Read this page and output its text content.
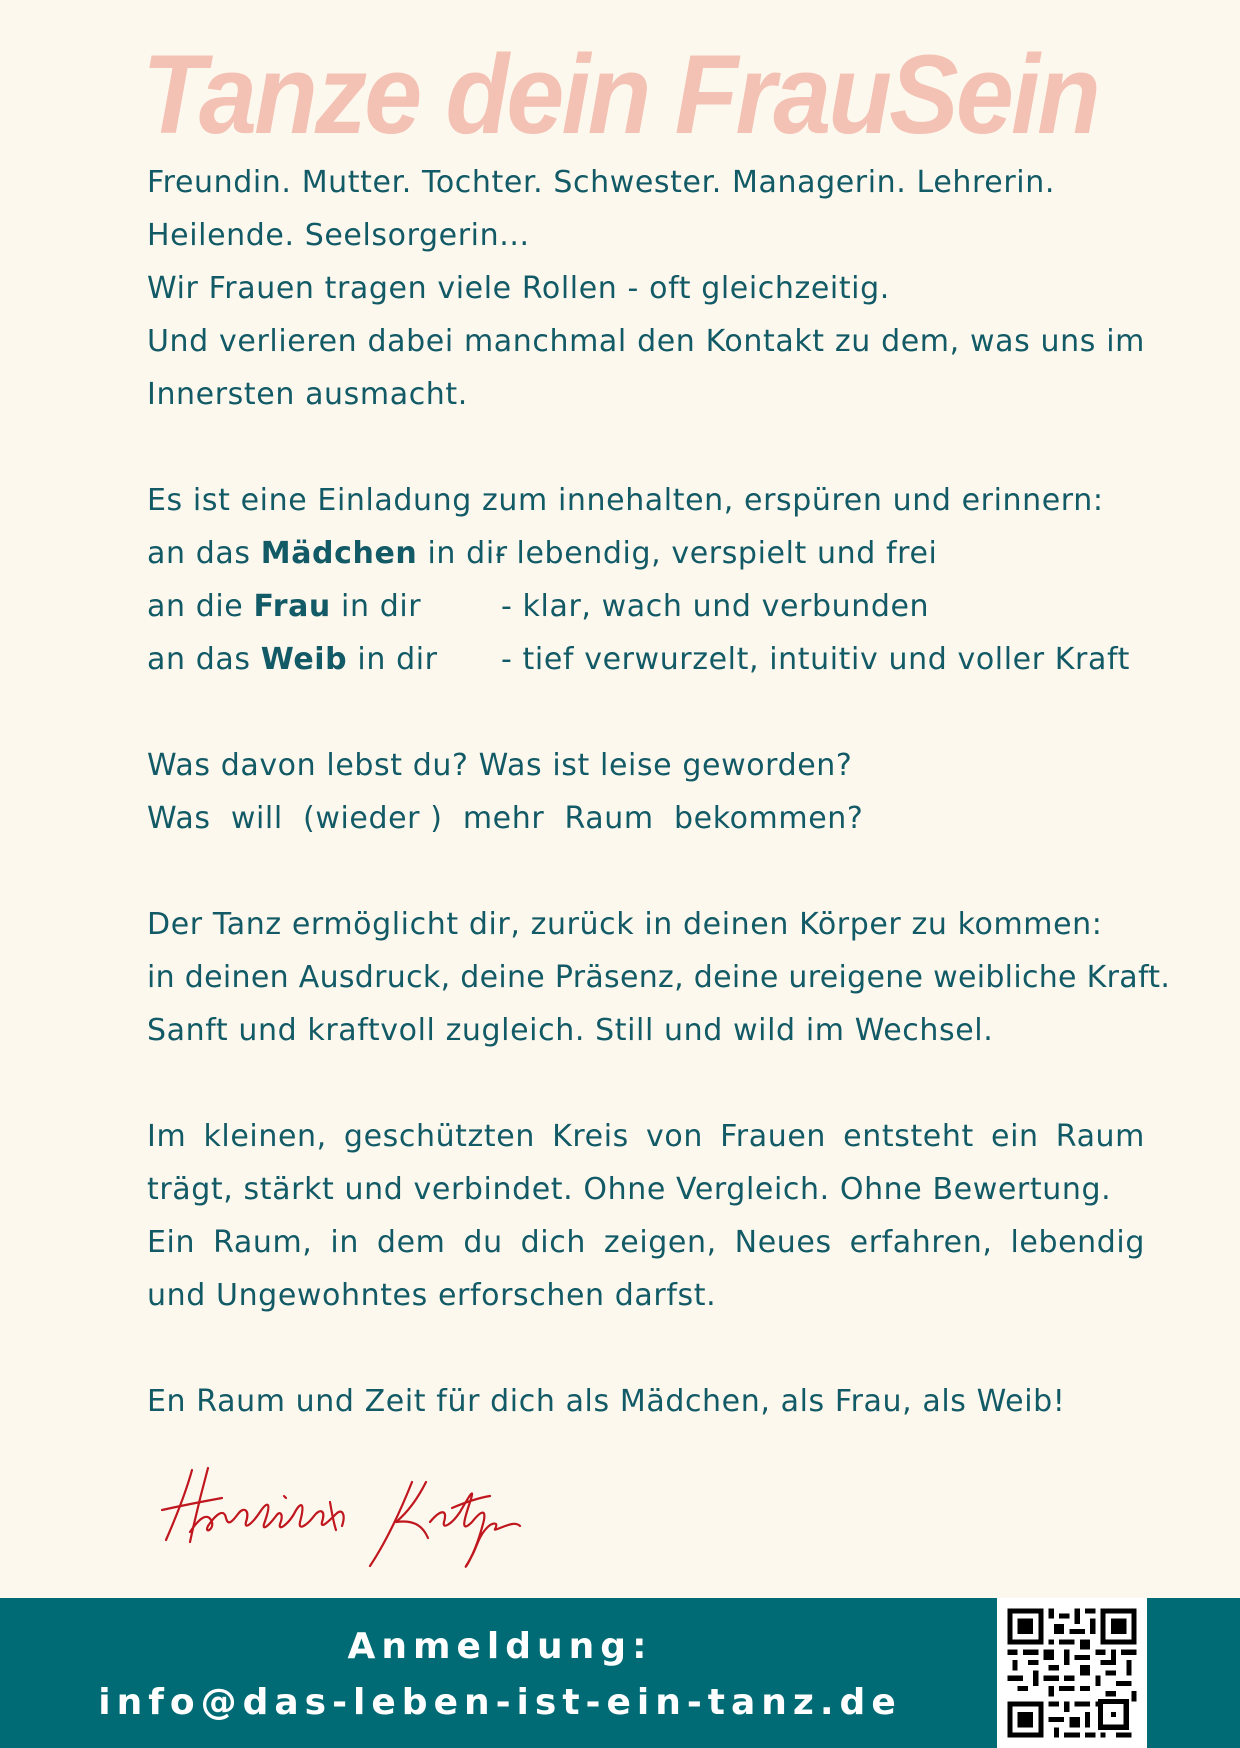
Tanze dein FrauSein
Freundin. Mutter. Tochter. Schwester. Managerin. Lehrerin.
Heilende. Seelsorgerin...
Wir Frauen tragen viele Rollen - oft gleichzeitig.
Und verlieren dabei manchmal den Kontakt zu dem, was uns im
Innersten ausmacht.
Es ist eine Einladung zum innehalten, erspüren und erinnern:
an das Mädchen in dir
- lebendig, verspielt und frei
an die Frau in dir	- klar, wach und verbunden
an das Weib in dir - tief verwurzelt, intuitiv und voller Kraft
Was davon lebst du? Was ist leise geworden?
Was  will  (wieder )  mehr  Raum  bekommen?
Der Tanz ermöglicht dir, zurück in deinen Körper zu kommen:
in deinen Ausdruck, deine Präsenz, deine ureigene weibliche Kraft.
Sanft und kraftvoll zugleich. Still und wild im Wechsel.
Im kleinen, geschützten Kreis von Frauen entsteht ein Raum
trägt, stärkt und verbindet. Ohne Vergleich. Ohne Bewertung.
Ein Raum, in dem du dich zeigen, Neues erfahren, lebendig
und Ungewohntes erforschen darfst.
En Raum und Zeit für dich als Mädchen, als Frau, als Weib!
Anmeldung:
info@das-leben-ist-ein-tanz.de
